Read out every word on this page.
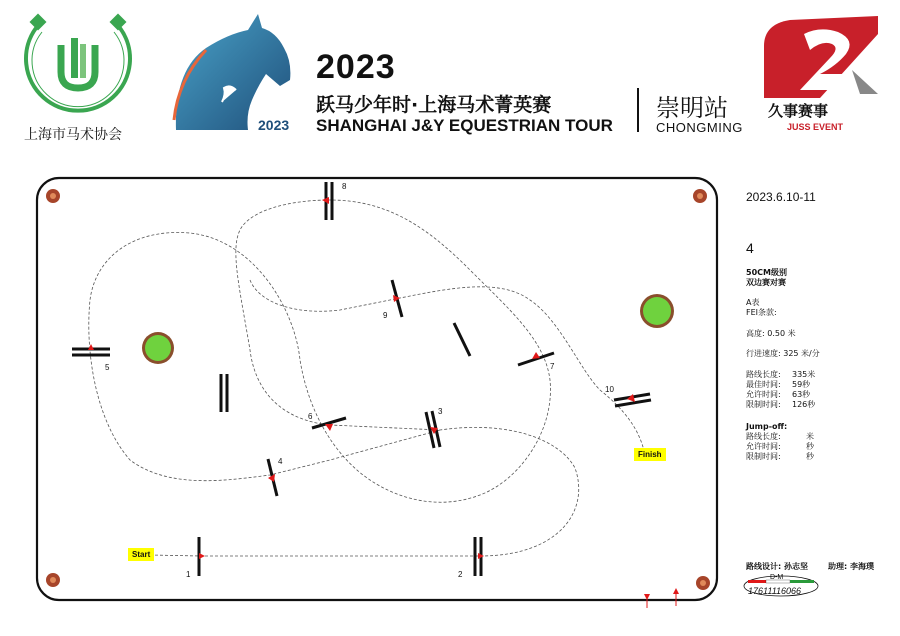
上海市马术协会
2023
2023
跃马少年时·上海马术菁英赛
SHANGHAI J&Y EQUESTRIAN TOUR
崇明站
CHONGMING
久事赛事
JUSS EVENT
1	2
3
4
5
6
7
8
9
10
Start
Finish
2023.6.10-11
4
50CM级别
双边赛对赛
A表
FEI条款:
高度: 0.50 米
行进速度: 325 米/分
路线长度: 335米
最佳时间: 59秒
允许时间: 63秒
限制时间: 126秒
Jump-off:
路线长度:	米
允许时间:	秒
限制时间:	秒
路线设计: 孙志坚	助理: 李海璞
D-M
17611116066
